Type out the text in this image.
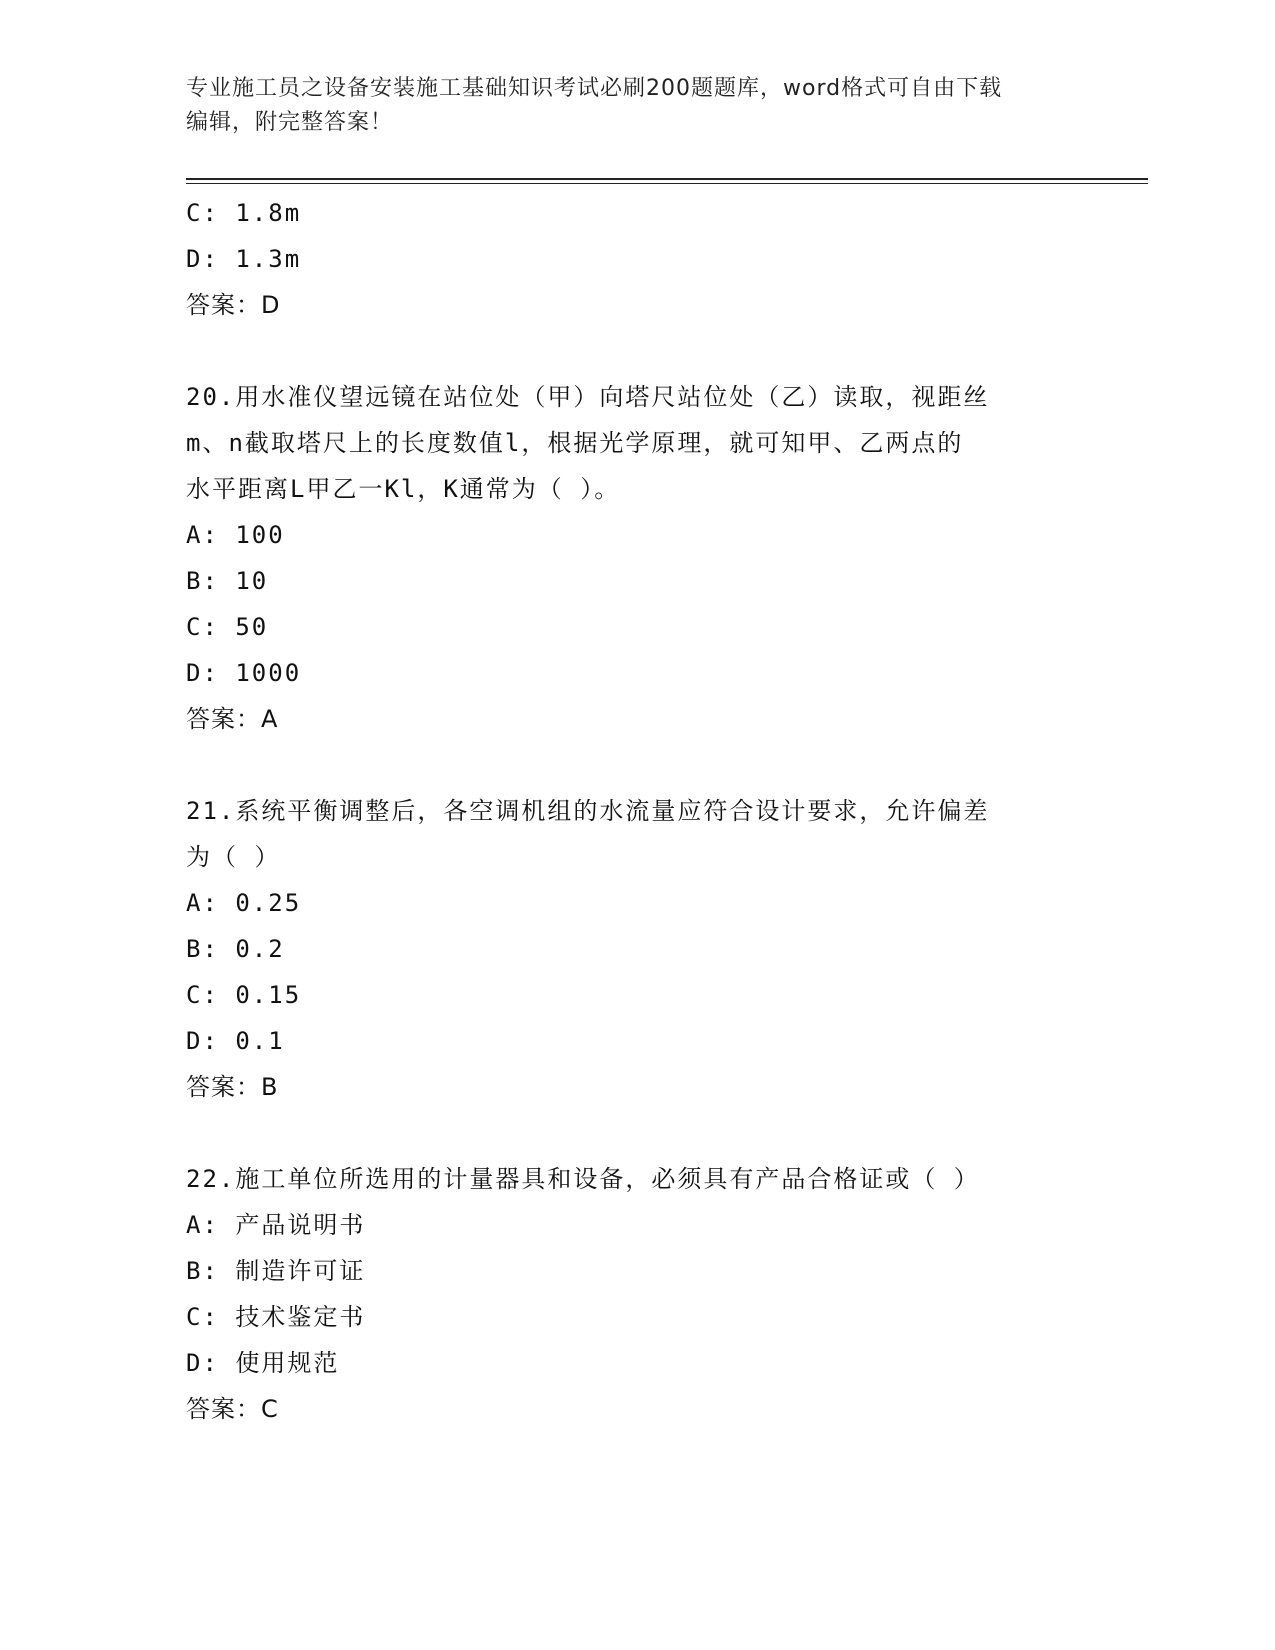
专业施工员之设备安装施工基础知识考试必刷200题题库，word格式可自由下载
编辑，附完整答案！
C: 1.8m
D: 1.3m
答案：D
20.用水准仪望远镜在站位处（甲）向塔尺站位处（乙）读取，视距丝
m、n截取塔尺上的长度数值l，根据光学原理，就可知甲、乙两点的
水平距离L甲乙一Kl，K通常为（ ）。
A: 100
B: 10
C: 50
D: 1000
答案：A
21.系统平衡调整后，各空调机组的水流量应符合设计要求，允许偏差
为（ ）
A: 0.25
B: 0.2
C: 0.15
D: 0.1
答案：B
22.施工单位所选用的计量器具和设备，必须具有产品合格证或（ ）
A: 产品说明书
B: 制造许可证
C: 技术鉴定书
D: 使用规范
答案：C
